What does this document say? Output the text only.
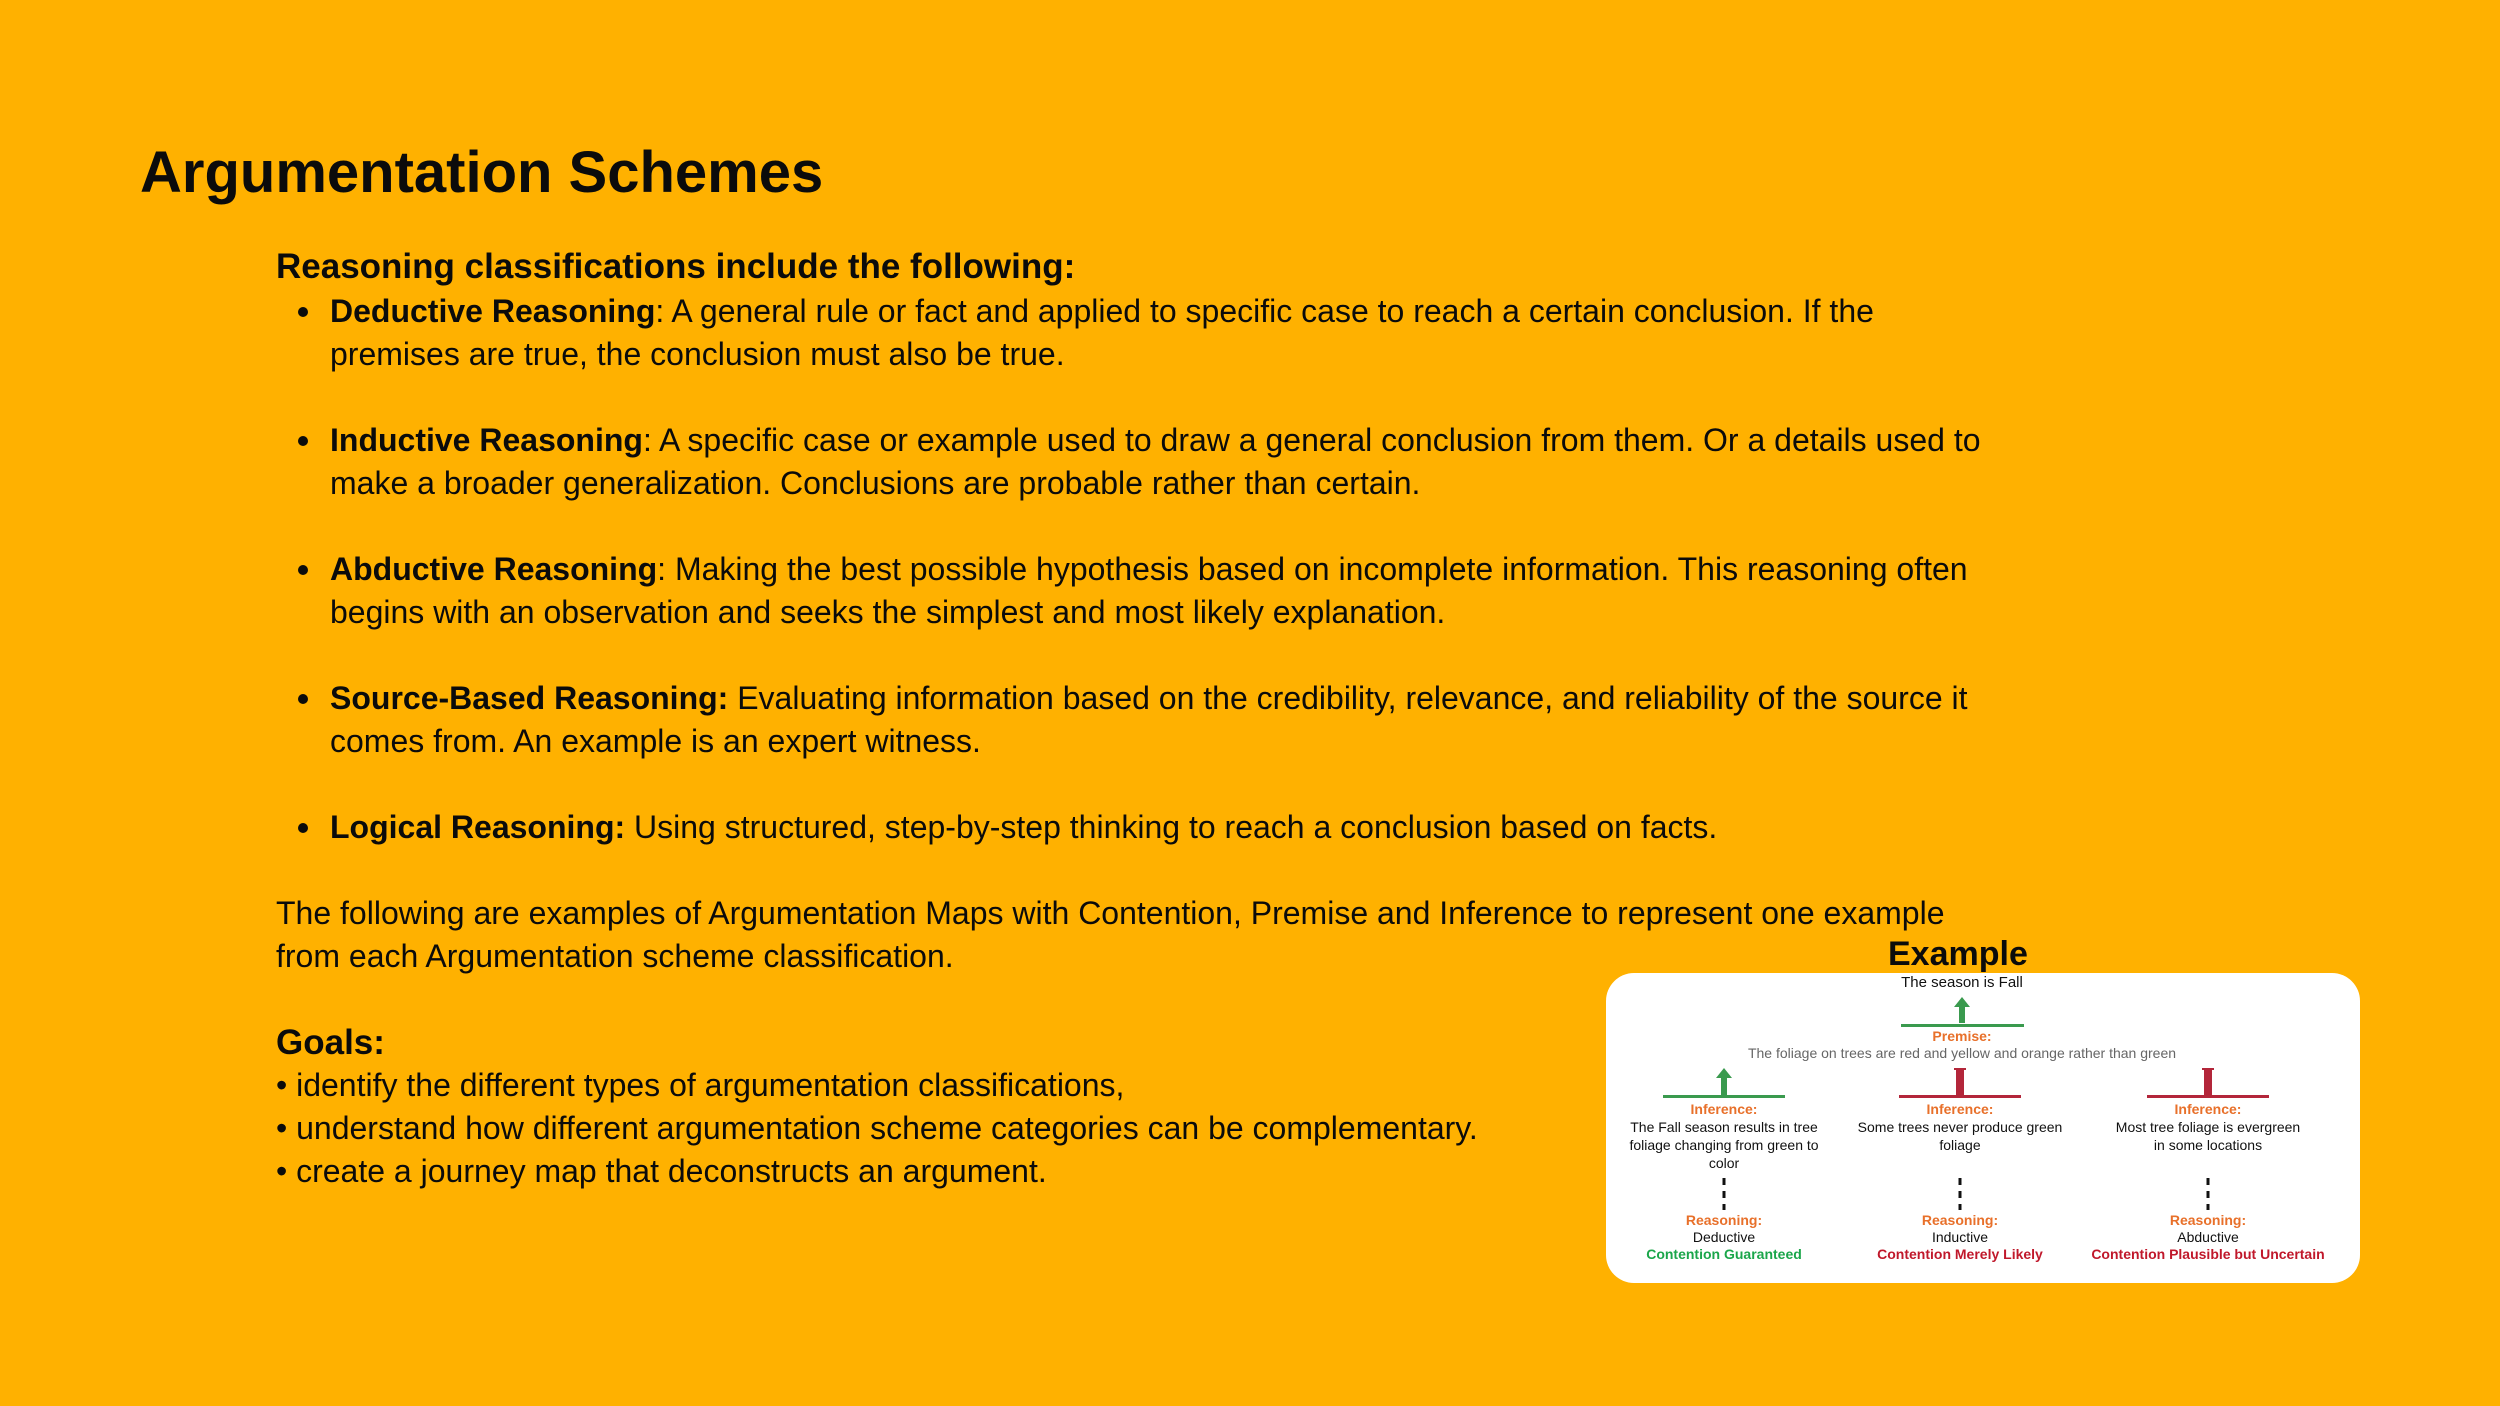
Argumentation Schemes

Reasoning classifications include the following:

Deductive Reasoning: A general rule or fact and applied to specific case to reach a certain conclusion. If the premises are true, the conclusion must also be true.
Inductive Reasoning: A specific case or example used to draw a general conclusion from them. Or a details used to make a broader generalization. Conclusions are probable rather than certain.
Abductive Reasoning: Making the best possible hypothesis based on incomplete information. This reasoning often begins with an observation and seeks the simplest and most likely explanation.
Source-Based Reasoning: Evaluating information based on the credibility, relevance, and reliability of the source it comes from. An example is an expert witness.
Logical Reasoning: Using structured, step-by-step thinking to reach a conclusion based on facts.

The following are examples of Argumentation Maps with Contention, Premise and Inference to represent one example from each Argumentation scheme classification.

Goals:

• identify the different types of argumentation classifications,

• understand how different argumentation scheme categories can be complementary.

• create a journey map that deconstructs an argument.

Example
The season is Fall
Premise:
The foliage on trees are red and yellow and orange rather than green
Inference:
The Fall season results in tree
foliage changing from green to
color
Reasoning:
Deductive
Contention Guaranteed
Inference:
Some trees never produce green
foliage
Reasoning:
Inductive
Contention Merely Likely
Inference:
Most tree foliage is evergreen
in some locations
Reasoning:
Abductive
Contention Plausible but Uncertain
